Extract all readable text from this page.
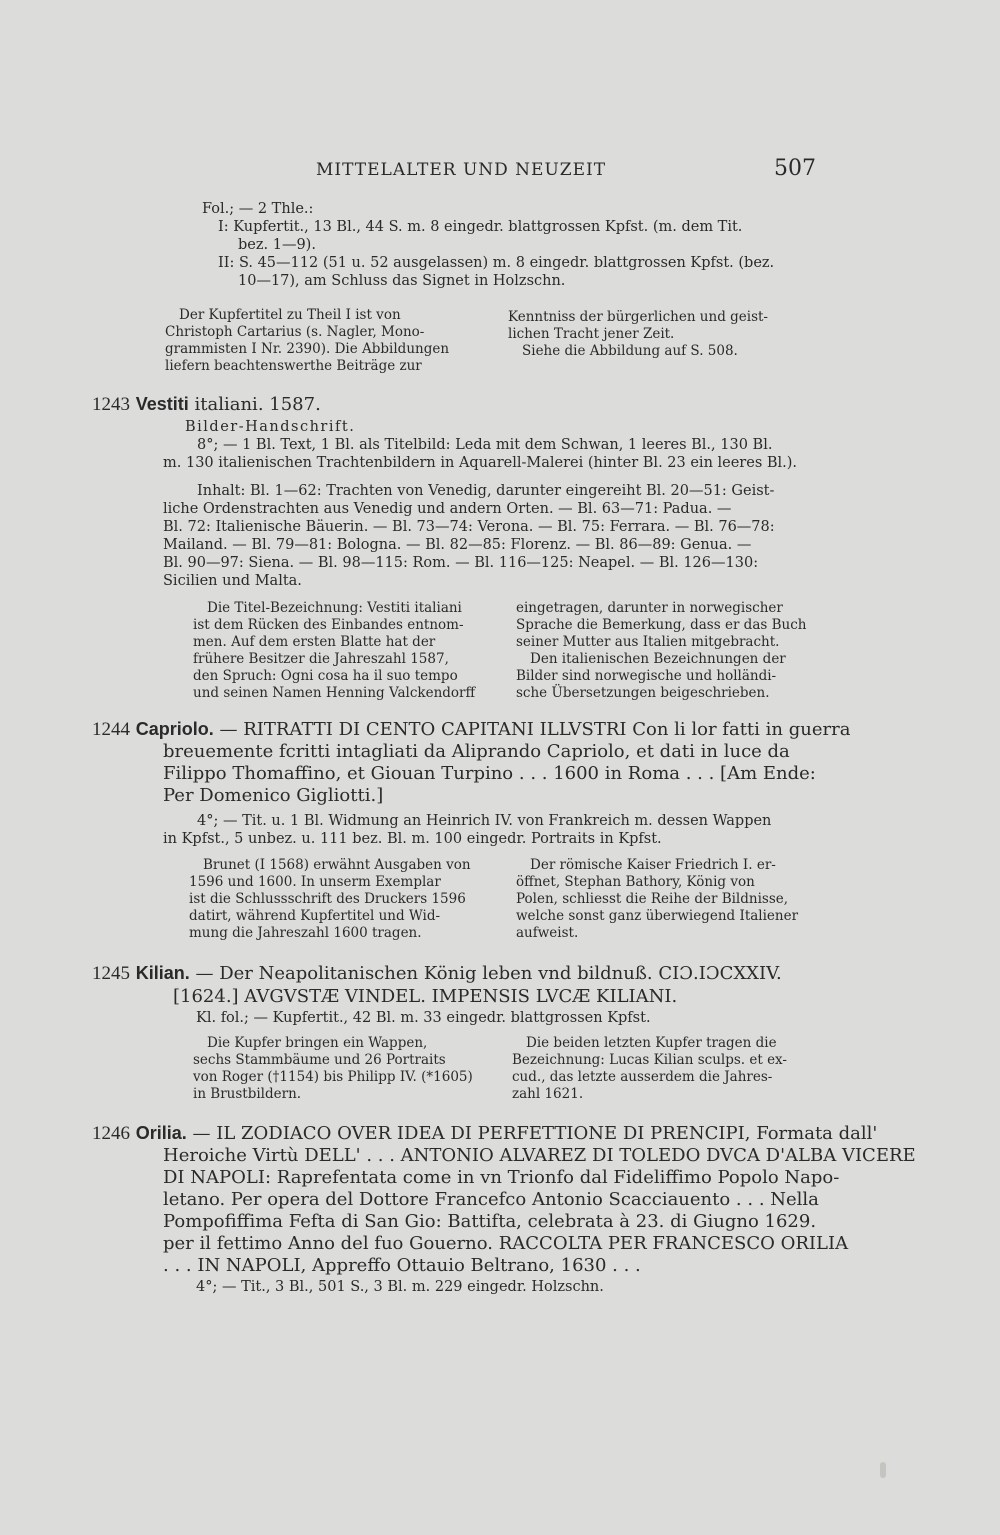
MITTELALTER UND NEUZEIT	507
Fol.; — 2 Thle.:
I: Kupfertit., 13 Bl., 44 S. m. 8 eingedr. blattgrossen Kpfst. (m. dem Tit.
bez. 1—9).
II: S. 45—112 (51 u. 52 ausgelassen) m. 8 eingedr. blattgrossen Kpfst. (bez.
10—17), am Schluss das Signet in Holzschn.

Der Kupfertitel zu Theil I ist von

Christoph Cartarius (s. Nagler, Mono-

grammisten I Nr. 2390). Die Abbildungen

liefern beachtenswerthe Beiträge zur

Kenntniss der bürgerlichen und geist-

lichen Tracht jener Zeit.

Siehe die Abbildung auf S. 508.

1243 Vestiti italiani. 1587.
Bilder-Handschrift.
8°; — 1 Bl. Text, 1 Bl. als Titelbild: Leda mit dem Schwan, 1 leeres Bl., 130 Bl.
m. 130 italienischen Trachtenbildern in Aquarell-Malerei (hinter Bl. 23 ein leeres Bl.).
Inhalt: Bl. 1—62: Trachten von Venedig, darunter eingereiht Bl. 20—51: Geist-
liche Ordenstrachten aus Venedig und andern Orten. — Bl. 63—71: Padua. —
Bl. 72: Italienische Bäuerin. — Bl. 73—74: Verona. — Bl. 75: Ferrara. — Bl. 76—78:
Mailand. — Bl. 79—81: Bologna. — Bl. 82—85: Florenz. — Bl. 86—89: Genua. —
Bl. 90—97: Siena. — Bl. 98—115: Rom. — Bl. 116—125: Neapel. — Bl. 126—130:
Sicilien und Malta.

Die Titel-Bezeichnung: Vestiti italiani

ist dem Rücken des Einbandes entnom-

men. Auf dem ersten Blatte hat der

frühere Besitzer die Jahreszahl 1587,

den Spruch: Ogni cosa ha il suo tempo

und seinen Namen Henning Valckendorff

eingetragen, darunter in norwegischer

Sprache die Bemerkung, dass er das Buch

seiner Mutter aus Italien mitgebracht.

Den italienischen Bezeichnungen der

Bilder sind norwegische und holländi-

sche Übersetzungen beigeschrieben.

1244 Capriolo. — RITRATTI DI CENTO CAPITANI ILLVSTRI Con li lor fatti in guerra
breuemente fcritti intagliati da Aliprando Capriolo, et dati in luce da
Filippo Thomaffino, et Giouan Turpino . . . 1600 in Roma . . . [Am Ende:
Per Domenico Gigliotti.]
4°; — Tit. u. 1 Bl. Widmung an Heinrich IV. von Frankreich m. dessen Wappen
in Kpfst., 5 unbez. u. 111 bez. Bl. m. 100 eingedr. Portraits in Kpfst.

Brunet (I 1568) erwähnt Ausgaben von

1596 und 1600. In unserm Exemplar

ist die Schlussschrift des Druckers 1596

datirt, während Kupfertitel und Wid-

mung die Jahreszahl 1600 tragen.

Der römische Kaiser Friedrich I. er-

öffnet, Stephan Bathory, König von

Polen, schliesst die Reihe der Bildnisse,

welche sonst ganz überwiegend Italiener

aufweist.

1245 Kilian. — Der Neapolitanischen König leben vnd bildnuß. CIƆ.IƆCXXIV.
[1624.] AVGVSTÆ VINDEL. IMPENSIS LVCÆ KILIANI.
Kl. fol.; — Kupfertit., 42 Bl. m. 33 eingedr. blattgrossen Kpfst.

Die Kupfer bringen ein Wappen,

sechs Stammbäume und 26 Portraits

von Roger (†1154) bis Philipp IV. (*1605)

in Brustbildern.

Die beiden letzten Kupfer tragen die

Bezeichnung: Lucas Kilian sculps. et ex-

cud., das letzte ausserdem die Jahres-

zahl 1621.

1246 Orilia. — IL ZODIACO OVER IDEA DI PERFETTIONE DI PRENCIPI, Formata dall'
Heroiche Virtù DELL' . . . ANTONIO ALVAREZ DI TOLEDO DVCA D'ALBA VICERE
DI NAPOLI: Raprefentata come in vn Trionfo dal Fideliffimo Popolo Napo-
letano. Per opera del Dottore Francefco Antonio Scacciauento . . . Nella
Pompofiffima Fefta di San Gio: Battifta, celebrata à 23. di Giugno 1629.
per il fettimo Anno del fuo Gouerno. RACCOLTA PER FRANCESCO ORILIA
. . . IN NAPOLI, Appreffo Ottauio Beltrano, 1630 . . .
4°; — Tit., 3 Bl., 501 S., 3 Bl. m. 229 eingedr. Holzschn.
